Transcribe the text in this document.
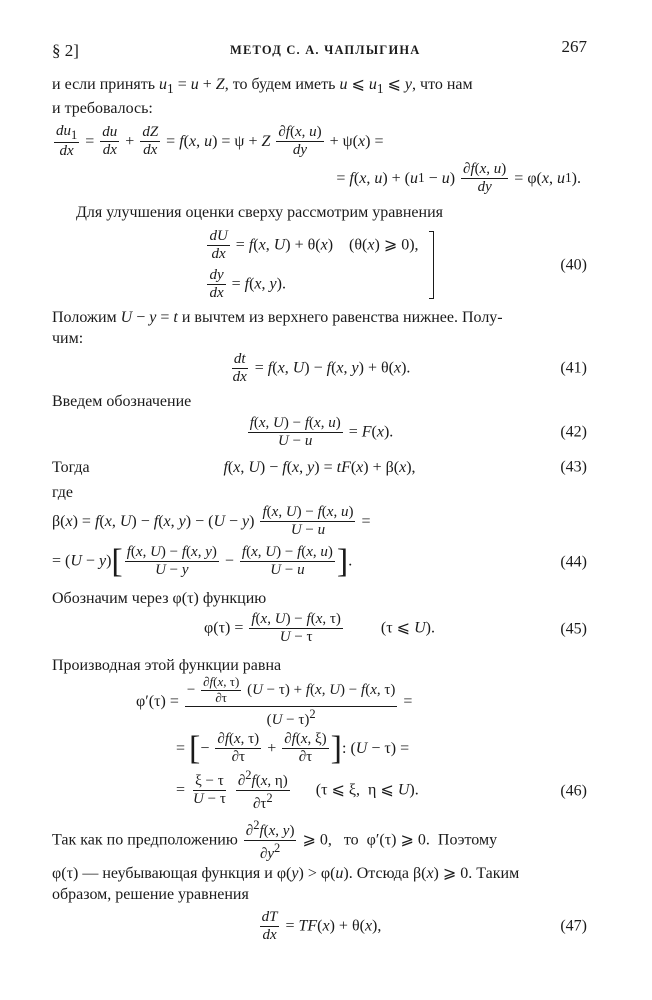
§ 2]	МЕТОД С. А. ЧАПЛЫГИНА	267

и если принять $u_1 = u + Z$, то будем иметь u ⩽ $u_1$ ⩽ y, что нам
и требовалось:

$\frac{du_1}{dx} = \frac{du}{dx} + \frac{dZ}{dx} = f$ ( x , u ) = ψ + Z
$\frac{\partial f(x, u)}{dy} + \psi$( x ) =
= f ( x , u ) + ( u 1 − u ) $\frac{\partial f(x, u)}{dy} = \varphi$( x , u 1 ).

Для улучшения оценки сверху рассмотрим уравнения

$\frac{dU}{dx} = f(x$, U) + θ(x)    (θ(x) ⩾ 0),
$\frac{dy}{dx} = f(x$, y).
(40)

Положим U − y = t и вычтем из верхнего равенства нижнее. Полу-
чим:

$\frac{dt}{dx} = f(x$, U) − f(x, y) + θ(x).	(41)

Введем обозначение

$\frac{f(x, U) - f(x, u)}{U - u} = F(x)$.	(42)
Тогда	f(x, U) − f(x, y) = tF(x) + β(x),	(43)

где

β( x ) = f ( x , U ) − f ( x , y ) − ( U − y ) $\frac{f(x, U) - f(x, u)}{U - u}$ =
= $(U - y)[ \frac{f(x, U) - f(x, y)}{U - y} - \frac{f(x, U) - f(x, u)}{U - u}$ ].	(44)

Обозначим через φ(τ) функцию

$\varphi(\tau) = \frac{f(x, U) - f(x, \tau)}{U - \tau} (\tau$ ⩽ U).	(45)

Производная этой функции равна

$\varphi'(\tau) = \frac{- \frac{\partial f(x, \tau)}{\partial\tau} (U - \tau) + f(x, U) - f(x, \tau)}{(U - \tau)^2}$ =
= [ − $\frac{\partial f(x, \tau)}{\partial\tau} + \frac{\partial f(x, \xi)}{\partial\tau}$ ] : ( U − τ) =
= $\frac{\xi - \tau}{U - \tau}$
$\frac{\partial^2f(x, \eta)}{\partial\tau^2} (\tau$ ⩽ ξ,  η ⩽ U).	(46)

Так как по предположению $\frac{\partial^2f(x, y)}{\partial y^2}$ ⩾ 0,   то  φ′(τ) ⩾ 0.  Поэтому
φ(τ) — неубывающая функция и φ(y) > φ(u). Отсюда β(x) ⩾ 0. Таким
образом, решение уравнения

$\frac{dT}{dx} = TF(x) + \theta(x)$,	(47)
